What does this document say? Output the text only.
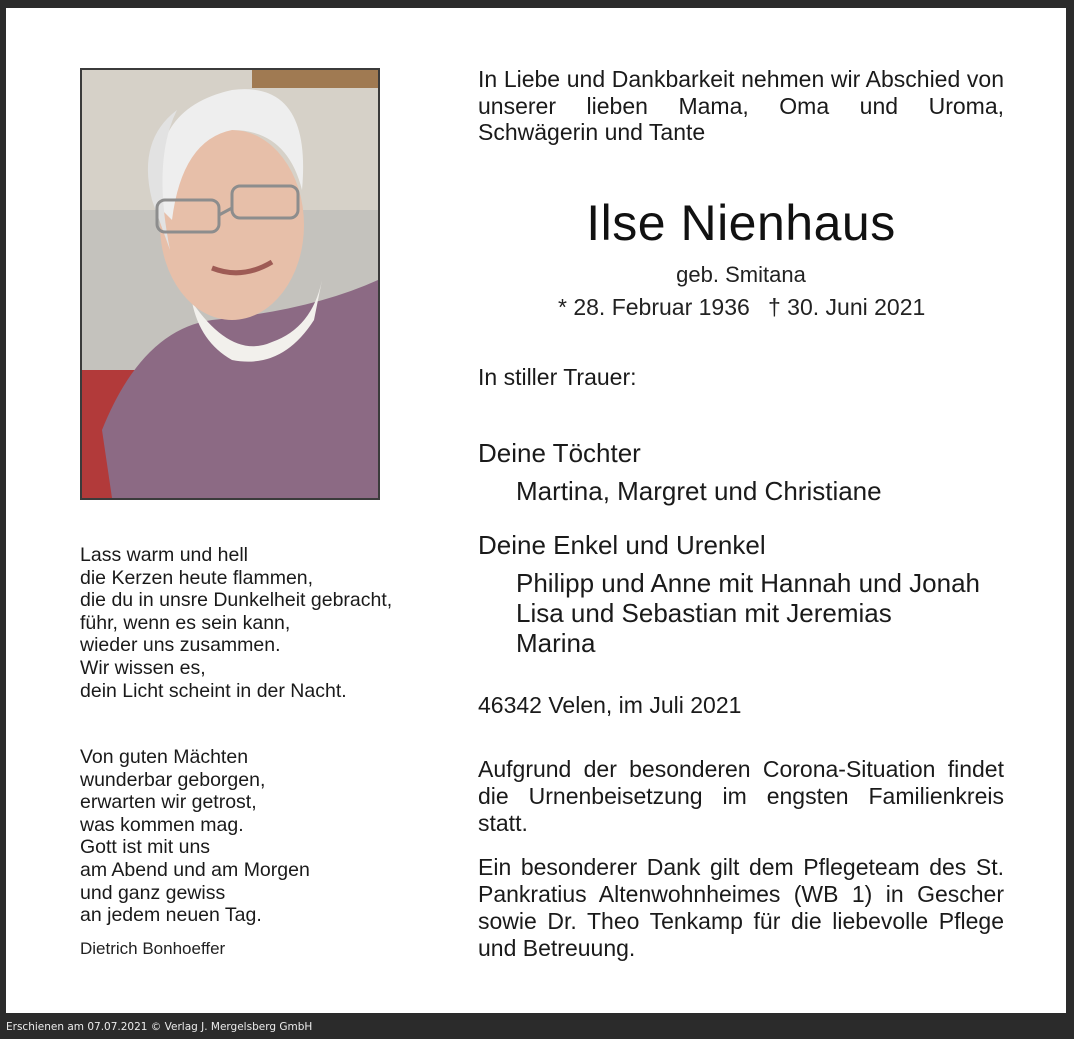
In Liebe und Dankbarkeit nehmen wir Abschied von unserer lieben Mama, Oma und Uroma, Schwägerin und Tante
Ilse Nienhaus
geb. Smitana
* 28. Februar 1936 † 30. Juni 2021
In stiller Trauer:
Deine Töchter
Martina, Margret und Christiane
Deine Enkel und Urenkel
Philipp und Anne mit Hannah und Jonah
Lisa und Sebastian mit Jeremias
Marina
46342 Velen, im Juli 2021
Aufgrund der besonderen Corona-Situation findet die Urnenbeisetzung im engsten Familienkreis statt.
Ein besonderer Dank gilt dem Pflegeteam des St. Pankratius Altenwohnheimes (WB 1) in Gescher sowie Dr. Theo Tenkamp für die liebevolle Pflege und Betreuung.
Lass warm und hell
die Kerzen heute flammen,
die du in unsre Dunkelheit gebracht,
führ, wenn es sein kann,
wieder uns zusammen.
Wir wissen es,
dein Licht scheint in der Nacht.
Von guten Mächten
wunderbar geborgen,
erwarten wir getrost,
was kommen mag.
Gott ist mit uns
am Abend und am Morgen
und ganz gewiss
an jedem neuen Tag.
Dietrich Bonhoeffer
Erschienen am 07.07.2021 © Verlag J. Mergelsberg GmbH
